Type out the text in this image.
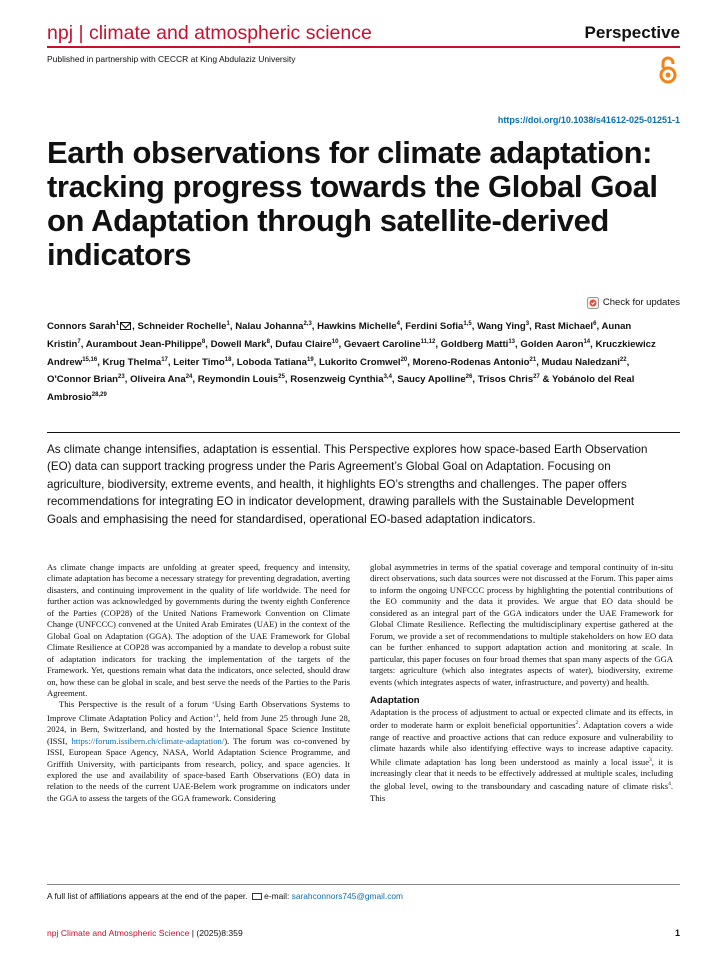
npj | climate and atmospheric science	Perspective
Published in partnership with CECCR at King Abdulaziz University
https://doi.org/10.1038/s41612-025-01251-1
Earth observations for climate adaptation: tracking progress towards the Global Goal on Adaptation through satellite-derived indicators
Check for updates
Connors Sarah$^1$ , Schneider Rochelle$^1$, Nalau Johanna$^{2,3}$, Hawkins Michelle$^4$, Ferdini Sofia$^{1,5}$, Wang Ying$^3$, Rast Michael$^6$, Aunan Kristin$^7$, Aurambout Jean-Philippe$^8$, Dowell Mark$^8$, Dufau Claire$^{10}$, Gevaert Caroline$^{11,12}$, Goldberg Matti$^{13}$, Golden Aaron$^{14}$, Kruczkiewicz Andrew$^{15,16}$, Krug Thelma$^{17}$, Leiter Timo$^{18}$, Loboda Tatiana$^{19}$, Lukorito Cromwel$^{20}$, Moreno-Rodenas Antonio$^{21}$, Mudau Naledzani$^{22}$, O'Connor Brian$^{23}$, Oliveira Ana$^{24}$, Reymondin Louis$^{25}$, Rosenzweig Cynthia$^{3,4}$, Saucy Apolline$^{26}$, Trisos Chris$^{27}$ & Yobánolo del Real Ambrosio$^{28,29}$

As climate change intensifies, adaptation is essential. This Perspective explores how space-based Earth Observation (EO) data can support tracking progress under the Paris Agreement’s Global Goal on Adaptation. Focusing on agriculture, biodiversity, extreme events, and health, it highlights EO’s strengths and challenges. The paper offers recommendations for integrating EO in indicator development, drawing parallels with the Sustainable Development Goals and emphasising the need for standardised, operational EO-based adaptation indicators.

As climate change impacts are unfolding at greater speed, frequency and intensity, climate adaptation has become a necessary strategy for preventing degradation, averting disasters, and continuing improvement in the quality of life worldwide. The need for further action was acknowledged by governments during the twenty eighth Conference of the Parties (COP28) of the United Nations Framework Convention on Climate Change (UNFCCC) convened at the United Arab Emirates (UAE) in the context of the Global Goal on Adaptation (GGA). The adoption of the UAE Framework for Global Climate Resilience at COP28 was accompanied by a mandate to develop a robust suite of adaptation indicators for tracking the implementation of the targets of the Framework. Yet, questions remain what data the indicators, once selected, should draw on, how these can be global in scale, and best serve the needs of the Parties to the Paris Agreement.

This Perspective is the result of a forum ‘Using Earth Observations Systems to Improve Climate Adaptation Policy and Action’$^1$, held from June 25 through June 28, 2024, in Bern, Switzerland, and hosted by the International Space Science Institute (ISSI, https://forum.issibern.ch/climate-adaptation/). The forum was co-convened by ISSI, European Space Agency, NASA, World Adaptation Science Programme, and Griffith University, with participants from research, policy, and space agencies. It explored the use and availability of space-based Earth Observations (EO) data in relation to the needs of the current UAE-Belem work programme on indicators under the GGA to assess the targets of the GGA framework. Considering

global asymmetries in terms of the spatial coverage and temporal continuity of in-situ direct observations, such data sources were not discussed at the Forum. This paper aims to inform the ongoing UNFCCC process by highlighting the potential contributions of the EO community and the data it provides. We argue that EO data should be considered as an integral part of the GGA indicators under the UAE Framework for Global Climate Resilience. Reflecting the multidisciplinary expertise gathered at the Forum, we provide a set of recommendations to multiple stakeholders on how EO data can be further enhanced to support adaptation action and monitoring at scale. In particular, this paper focuses on four broad themes that span many aspects of the GGA targets: agriculture (which also integrates aspects of water), biodiversity, extreme events (which integrates aspects of water, infrastructure, and poverty) and health.

Adaptation

Adaptation is the process of adjustment to actual or expected climate and its effects, in order to moderate harm or exploit beneficial opportunities$^2$. Adaptation covers a wide range of reactive and proactive actions that can reduce exposure and vulnerability to climate hazards while also identifying effective ways to increase adaptive capacity. While climate adaptation has long been understood as mainly a local issue$^3$, it is increasingly clear that it needs to be effectively addressed at multiple scales, including the global level, owing to the transboundary and cascading nature of climate risks$^4$. This

A full list of affiliations appears at the end of the paper. e-mail: sarahconnors745@gmail.com
npj Climate and Atmospheric Science | (2025)8:359	1
